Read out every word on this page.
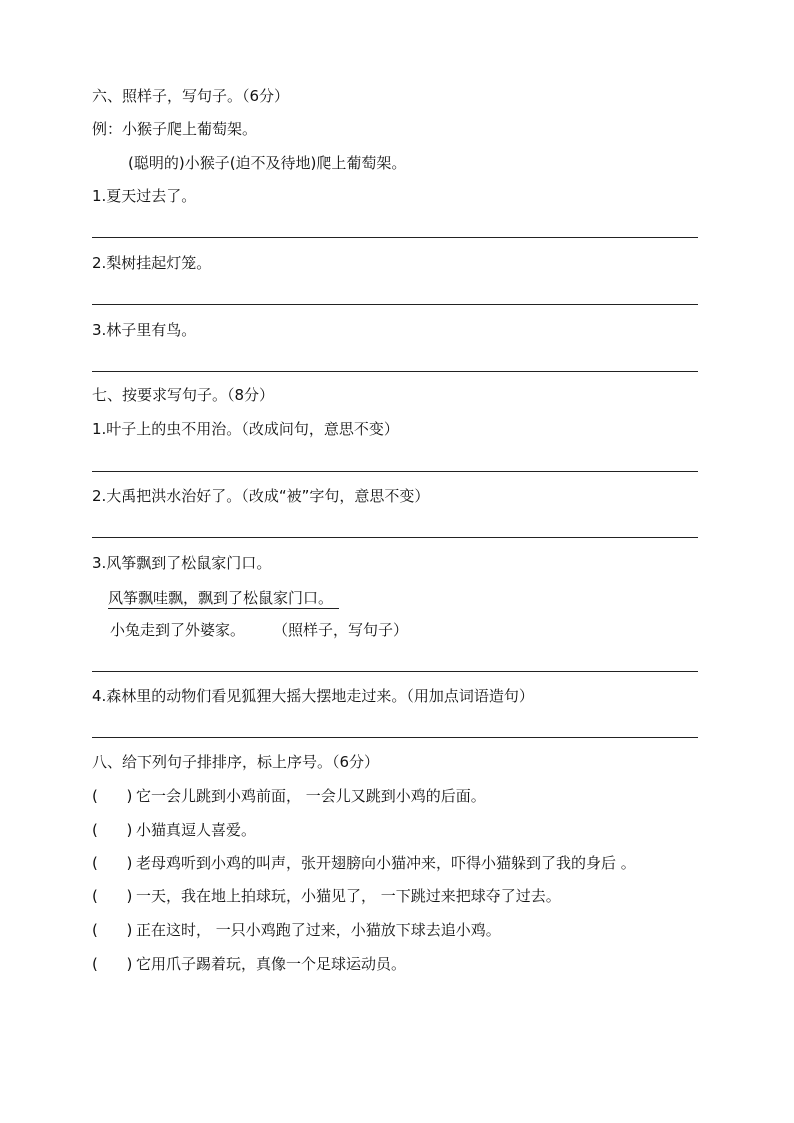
六、照样子，写句子。（6分）
例：小猴子爬上葡萄架。
(聪明的)小猴子(迫不及待地)爬上葡萄架。
1.夏天过去了。
2.梨树挂起灯笼。
3.林子里有鸟。
七、按要求写句子。（8分）
1.叶子上的虫不用治。（改成问句，意思不变）
2.大禹把洪水治好了。（改成“被”字句，意思不变）
3.风筝飘到了松鼠家门口。
风筝飘哇飘，飘到了松鼠家门口。
小兔走到了外婆家。 （照样子，写句子）
4.森林里的动物们看见狐狸大摇大摆地走过来。（用加点词语造句）
八、给下列句子排排序，标上序号。（6分）
( ) 它一会儿跳到小鸡前面， 一会儿又跳到小鸡的后面。
( ) 小猫真逗人喜爱。
( ) 老母鸡听到小鸡的叫声，张开翅膀向小猫冲来，吓得小猫躲到了我的身后 。
( ) 一天，我在地上拍球玩，小猫见了， 一下跳过来把球夺了过去。
( ) 正在这时， 一只小鸡跑了过来，小猫放下球去追小鸡。
( ) 它用爪子踢着玩，真像一个足球运动员。
